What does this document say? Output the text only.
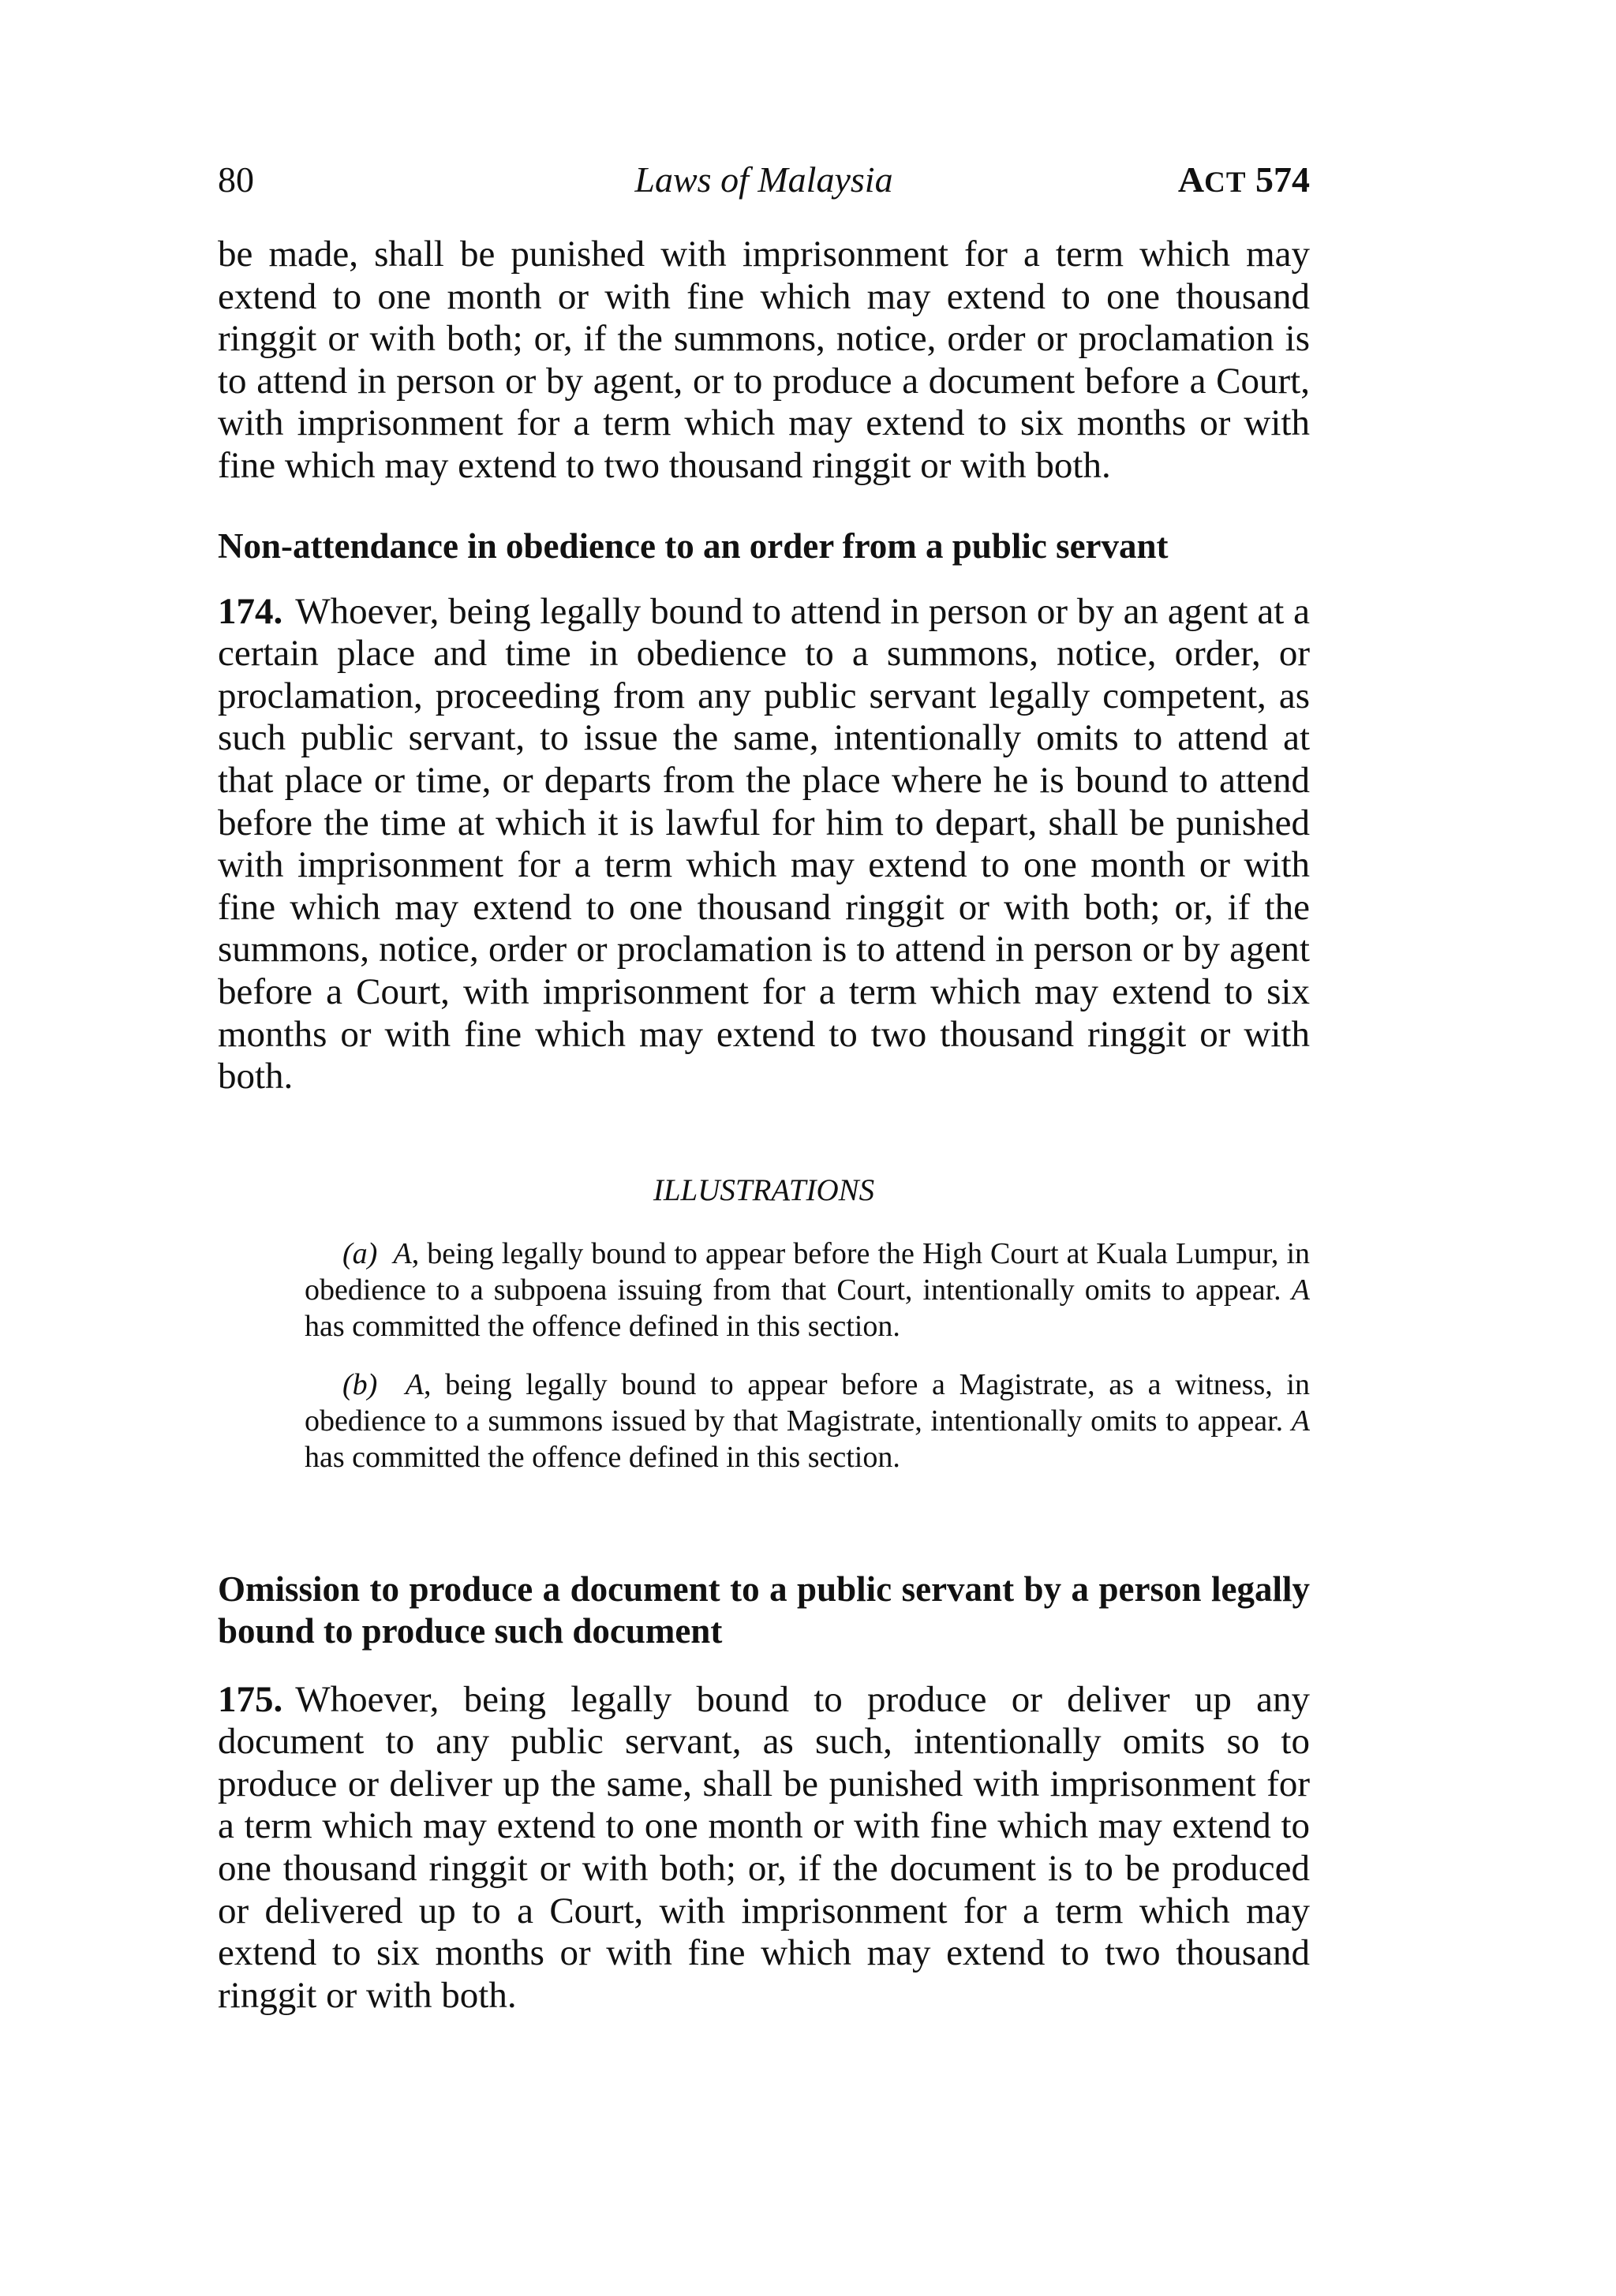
80	Laws of Malaysia	ACT 574

be made, shall be punished with imprisonment for a term which may extend to one month or with fine which may extend to one thousand ringgit or with both; or, if the summons, notice, order or proclamation is to attend in person or by agent, or to produce a document before a Court, with imprisonment for a term which may extend to six months or with fine which may extend to two thousand ringgit or with both.

Non-attendance in obedience to an order from a public servant

174. Whoever, being legally bound to attend in person or by an agent at a certain place and time in obedience to a summons, notice, order, or proclamation, proceeding from any public servant legally competent, as such public servant, to issue the same, intentionally omits to attend at that place or time, or departs from the place where he is bound to attend before the time at which it is lawful for him to depart, shall be punished with imprisonment for a term which may extend to one month or with fine which may extend to one thousand ringgit or with both; or, if the summons, notice, order or proclamation is to attend in person or by agent before a Court, with imprisonment for a term which may extend to six months or with fine which may extend to two thousand ringgit or with both.

ILLUSTRATIONS

(a) A, being legally bound to appear before the High Court at Kuala Lumpur, in obedience to a subpoena issuing from that Court, intentionally omits to appear. A has committed the offence defined in this section.

(b) A, being legally bound to appear before a Magistrate, as a witness, in obedience to a summons issued by that Magistrate, intentionally omits to appear. A has committed the offence defined in this section.

Omission to produce a document to a public servant by a person legally bound to produce such document

175. Whoever, being legally bound to produce or deliver up any document to any public servant, as such, intentionally omits so to produce or deliver up the same, shall be punished with imprisonment for a term which may extend to one month or with fine which may extend to one thousand ringgit or with both; or, if the document is to be produced or delivered up to a Court, with imprisonment for a term which may extend to six months or with fine which may extend to two thousand ringgit or with both.
